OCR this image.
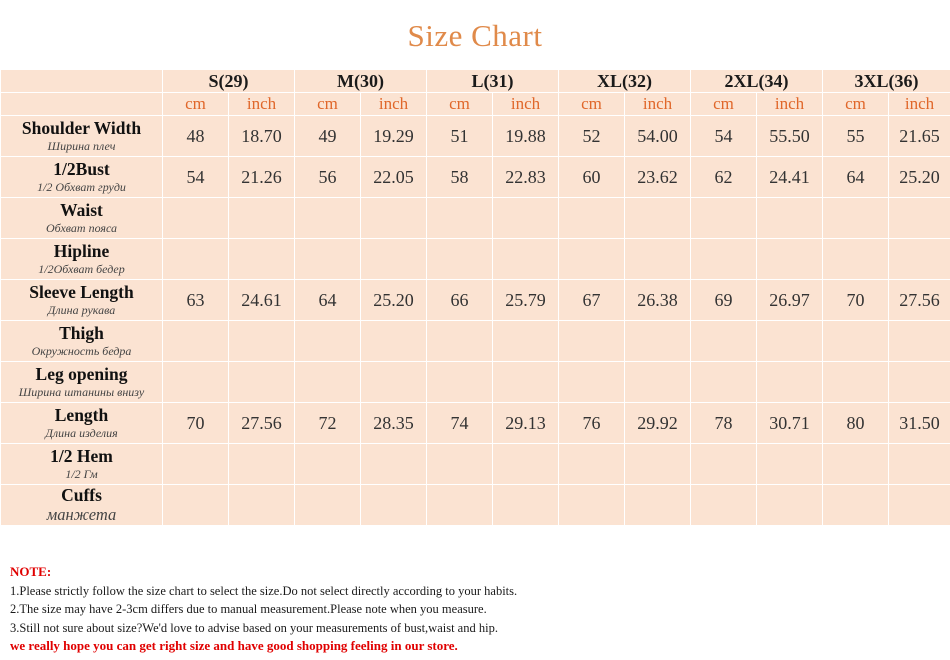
Size Chart
	S(29)		M(30)		L(31)		XL(32)		2XL(34)		3XL(36)	
	cm	inch	cm	inch	cm	inch	cm	inch	cm	inch	cm	inch

Shoulder Width
Ширина плеч	48	18.70	49	19.29	51	19.88	52	54.00	54	55.50	55	21.65

1/2Bust
1/2 Обхват груди	54	21.26	56	22.05	58	22.83	60	23.62	62	24.41	64	25.20

Waist
Обхват пояса												

Hipline
1/2Обхват бедер												

Sleeve Length
Длина рукава	63	24.61	64	25.20	66	25.79	67	26.38	69	26.97	70	27.56

Thigh
Окружность бедра												

Leg opening
Ширина штанины внизу												

Length
Длина изделия	70	27.56	72	28.35	74	29.13	76	29.92	78	30.71	80	31.50

1/2 Hem
1/2 Гм												

Cuffs
манжета												

NOTE:
1.Please strictly follow the size chart to select the size.Do not select directly according to your habits.
2.The size may have 2-3cm differs due to manual measurement.Please note when you measure.
3.Still not sure about size?We'd love to advise based on your measurements of bust,waist and hip.
we really hope you can get right size and have good shopping feeling in our store.
